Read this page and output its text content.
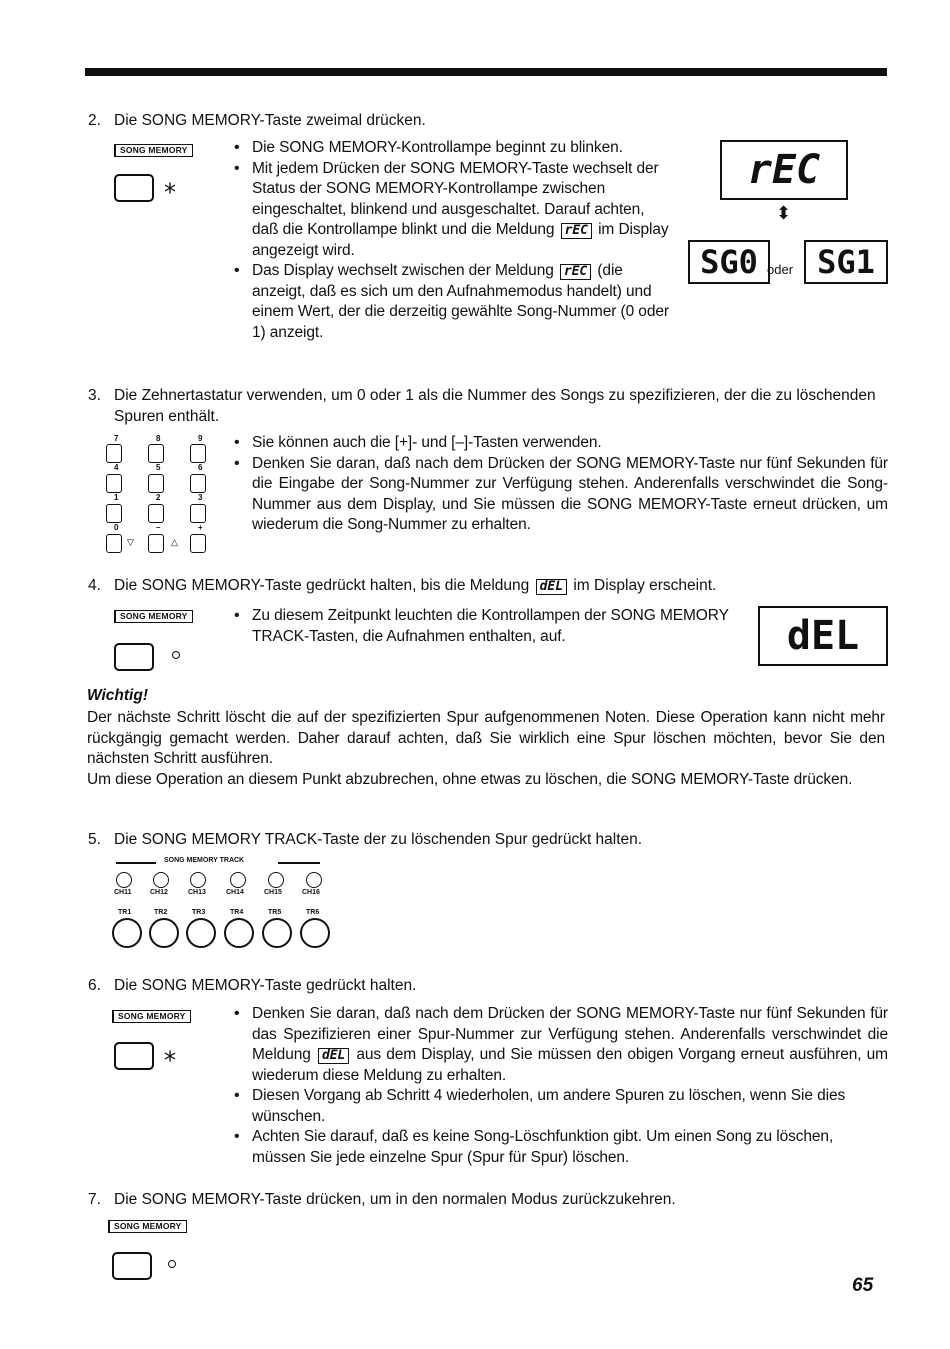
2. Die SONG MEMORY-Taste zweimal drücken.
SONG MEMORY
⁎
• Die SONG MEMORY-Kontrollampe beginnt zu blinken.
• Mit jedem Drücken der SONG MEMORY-Taste wechselt der Status der SONG MEMORY-Kontrollampe zwischen eingeschaltet, blinkend und ausgeschaltet. Darauf achten, daß die Kontrollampe blinkt und die Meldung rEC im Display angezeigt wird.
• Das Display wechselt zwischen der Meldung rEC (die anzeigt, daß es sich um den Aufnahmemodus handelt) und einem Wert, der die derzeitig gewählte Song-Nummer (0 oder 1) anzeigt.
rEC
⬍
SG0 oder SG1
3. Die Zehnertastatur verwenden, um 0 oder 1 als die Nummer des Songs zu spezifizieren, der die zu löschenden Spuren enthält.
7	8	9
4	5	6
1	2	3
0	–	+
▽	△
• Sie können auch die [+]- und [–]-Tasten verwenden.
• Denken Sie daran, daß nach dem Drücken der SONG MEMORY-Taste nur fünf Sekunden für die Eingabe der Song-Nummer zur Verfügung stehen. Anderenfalls verschwindet die Song-Nummer aus dem Display, und Sie müssen die SONG MEMORY-Taste erneut drücken, um wiederum die Song-Nummer zu erhalten.
4. Die SONG MEMORY-Taste gedrückt halten, bis die Meldung dEL im Display erscheint.
SONG MEMORY
•	Zu diesem Zeitpunkt leuchten die Kontrollampen der SONG MEMORY TRACK-Tasten, die Aufnahmen enthalten, auf.	dEL
Wichtig!
Der nächste Schritt löscht die auf der spezifizierten Spur aufgenommenen Noten. Diese Operation kann nicht mehr rückgängig gemacht werden. Daher darauf achten, daß Sie wirklich eine Spur löschen möchten, bevor Sie den nächsten Schritt ausführen.
Um diese Operation an diesem Punkt abzubrechen, ohne etwas zu löschen, die SONG MEMORY-Taste drücken.
5. Die SONG MEMORY TRACK-Taste der zu löschenden Spur gedrückt halten.
SONG MEMORY TRACK
CH11	CH12	CH13	CH14	CH15	CH16
TR1	TR2	TR3	TR4	TR5	TR6
6. Die SONG MEMORY-Taste gedrückt halten.
SONG MEMORY
⁎
• Denken Sie daran, daß nach dem Drücken der SONG MEMORY-Taste nur fünf Sekunden für das Spezifizieren einer Spur-Nummer zur Verfügung stehen. Anderenfalls verschwindet die Meldung dEL aus dem Display, und Sie müssen den obigen Vorgang erneut ausführen, um wiederum diese Meldung zu erhalten.
• Diesen Vorgang ab Schritt 4 wiederholen, um andere Spuren zu löschen, wenn Sie dies wünschen.
• Achten Sie darauf, daß es keine Song-Löschfunktion gibt. Um einen Song zu löschen, müssen Sie jede einzelne Spur (Spur für Spur) löschen.
7. Die SONG MEMORY-Taste drücken, um in den normalen Modus zurückzukehren.
SONG MEMORY
65
